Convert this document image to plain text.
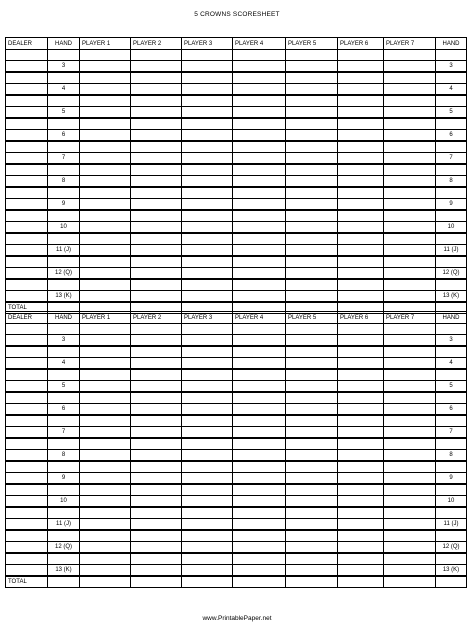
5 CROWNS SCORESHEET
DEALER	HAND	PLAYER 1	PLAYER 2	PLAYER 3	PLAYER 4	PLAYER 5	PLAYER 6	PLAYER 7	HAND

	3								3

	4								4

	5								5

	6								6

	7								7

	8								8

	9								9

	10								10

	11 (J)								11 (J)

	12 (Q)								12 (Q)

	13 (K)								13 (K)
TOTAL									
DEALER	HAND	PLAYER 1	PLAYER 2	PLAYER 3	PLAYER 4	PLAYER 5	PLAYER 6	PLAYER 7	HAND

	3								3

	4								4

	5								5

	6								6

	7								7

	8								8

	9								9

	10								10

	11 (J)								11 (J)

	12 (Q)								12 (Q)

	13 (K)								13 (K)
TOTAL									
www.PrintablePaper.net
